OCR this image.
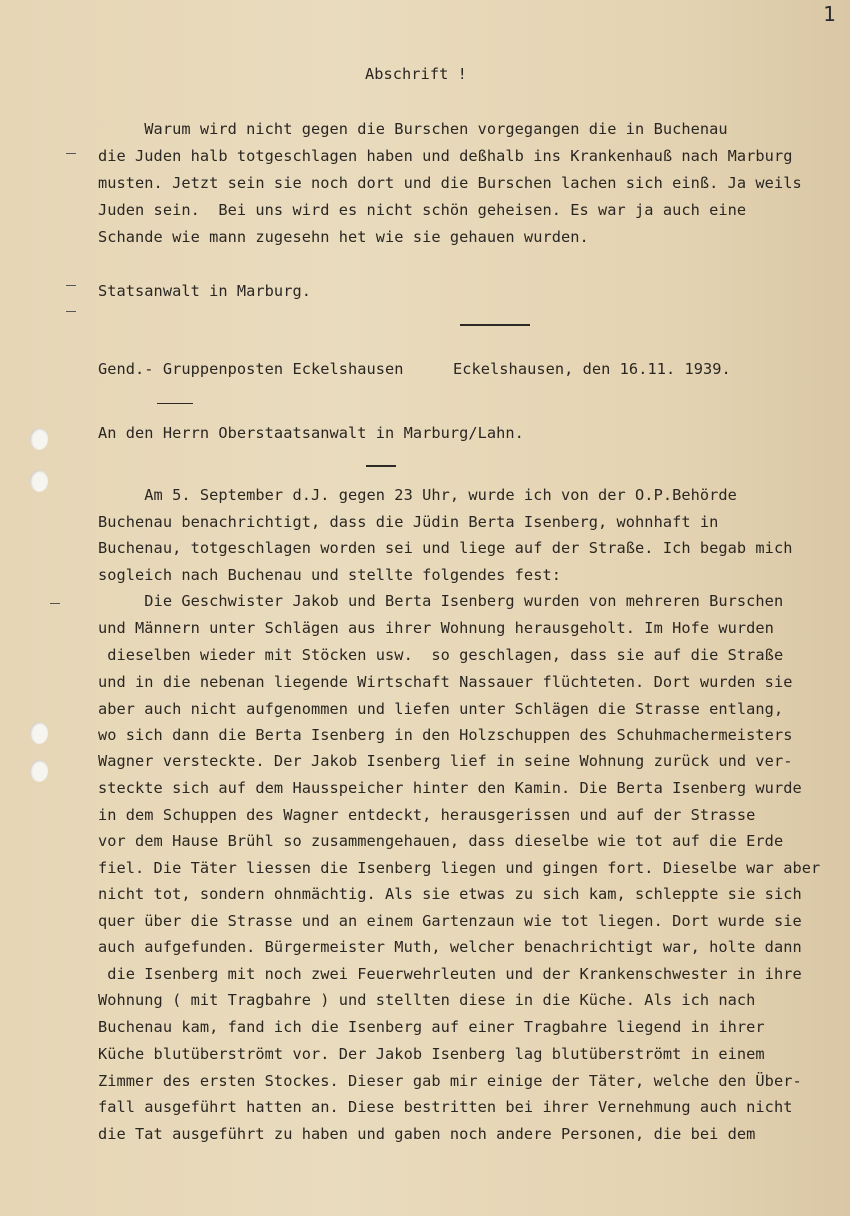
1
Abschrift !
Warum wird nicht gegen die Burschen vorgegangen die in Buchenau
die Juden halb totgeschlagen haben und deßhalb ins Krankenhauß nach Marburg
musten. Jetzt sein sie noch dort und die Burschen lachen sich einß. Ja weils
Juden sein.  Bei uns wird es nicht schön geheisen. Es war ja auch eine
Schande wie mann zugesehn het wie sie gehauen wurden.
Statsanwalt in Marburg.
Gend.- Gruppenposten Eckelshausen	Eckelshausen, den 16.11. 1939.
An den Herrn Oberstaatsanwalt in Marburg/Lahn.
Am 5. September d.J. gegen 23 Uhr, wurde ich von der O.P.Behörde
Buchenau benachrichtigt, dass die Jüdin Berta Isenberg, wohnhaft in
Buchenau, totgeschlagen worden sei und liege auf der Straße. Ich begab mich
sogleich nach Buchenau und stellte folgendes fest:
Die Geschwister Jakob und Berta Isenberg wurden von mehreren Burschen
und Männern unter Schlägen aus ihrer Wohnung herausgeholt. Im Hofe wurden
dieselben wieder mit Stöcken usw.  so geschlagen, dass sie auf die Straße
und in die nebenan liegende Wirtschaft Nassauer flüchteten. Dort wurden sie
aber auch nicht aufgenommen und liefen unter Schlägen die Strasse entlang,
wo sich dann die Berta Isenberg in den Holzschuppen des Schuhmachermeisters
Wagner versteckte. Der Jakob Isenberg lief in seine Wohnung zurück und ver-
steckte sich auf dem Hausspeicher hinter den Kamin. Die Berta Isenberg wurde
in dem Schuppen des Wagner entdeckt, herausgerissen und auf der Strasse
vor dem Hause Brühl so zusammengehauen, dass dieselbe wie tot auf die Erde
fiel. Die Täter liessen die Isenberg liegen und gingen fort. Dieselbe war aber
nicht tot, sondern ohnmächtig. Als sie etwas zu sich kam, schleppte sie sich
quer über die Strasse und an einem Gartenzaun wie tot liegen. Dort wurde sie
auch aufgefunden. Bürgermeister Muth, welcher benachrichtigt war, holte dann
die Isenberg mit noch zwei Feuerwehrleuten und der Krankenschwester in ihre
Wohnung ( mit Tragbahre ) und stellten diese in die Küche. Als ich nach
Buchenau kam, fand ich die Isenberg auf einer Tragbahre liegend in ihrer
Küche blutüberströmt vor. Der Jakob Isenberg lag blutüberströmt in einem
Zimmer des ersten Stockes. Dieser gab mir einige der Täter, welche den Über-
fall ausgeführt hatten an. Diese bestritten bei ihrer Vernehmung auch nicht
die Tat ausgeführt zu haben und gaben noch andere Personen, die bei dem
